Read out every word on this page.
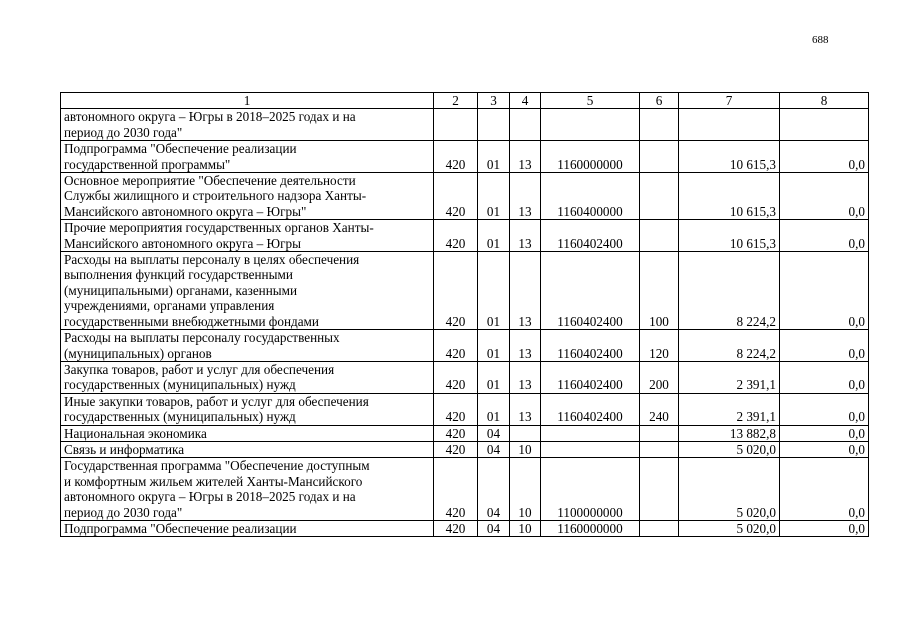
688
1	2	3	4	5	6	7	8

автономного округа – Югры в 2018–2025 годах и на
период до 2030 года"							

Подпрограмма "Обеспечение реализации
государственной программы"	420	01	13	1160000000		10 615,3	0,0

Основное мероприятие "Обеспечение деятельности
Службы жилищного и строительного надзора Ханты-
Мансийского автономного округа – Югры"	420	01	13	1160400000		10 615,3	0,0

Прочие мероприятия государственных органов Ханты-
Мансийского автономного округа – Югры	420	01	13	1160402400		10 615,3	0,0

Расходы на выплаты персоналу в целях обеспечения
выполнения функций государственными
(муниципальными) органами, казенными
учреждениями, органами управления
государственными внебюджетными фондами	420	01	13	1160402400	100	8 224,2	0,0

Расходы на выплаты персоналу государственных
(муниципальных) органов	420	01	13	1160402400	120	8 224,2	0,0

Закупка товаров, работ и услуг для обеспечения
государственных (муниципальных) нужд	420	01	13	1160402400	200	2 391,1	0,0

Иные закупки товаров, работ и услуг для обеспечения
государственных (муниципальных) нужд	420	01	13	1160402400	240	2 391,1	0,0

Национальная экономика	420	04				13 882,8	0,0

Связь и информатика	420	04	10			5 020,0	0,0

Государственная программа "Обеспечение доступным
и комфортным жильем жителей Ханты-Мансийского
автономного округа – Югры в 2018–2025 годах и на
период до 2030 года"	420	04	10	1100000000		5 020,0	0,0

Подпрограмма "Обеспечение реализации	420	04	10	1160000000		5 020,0	0,0
